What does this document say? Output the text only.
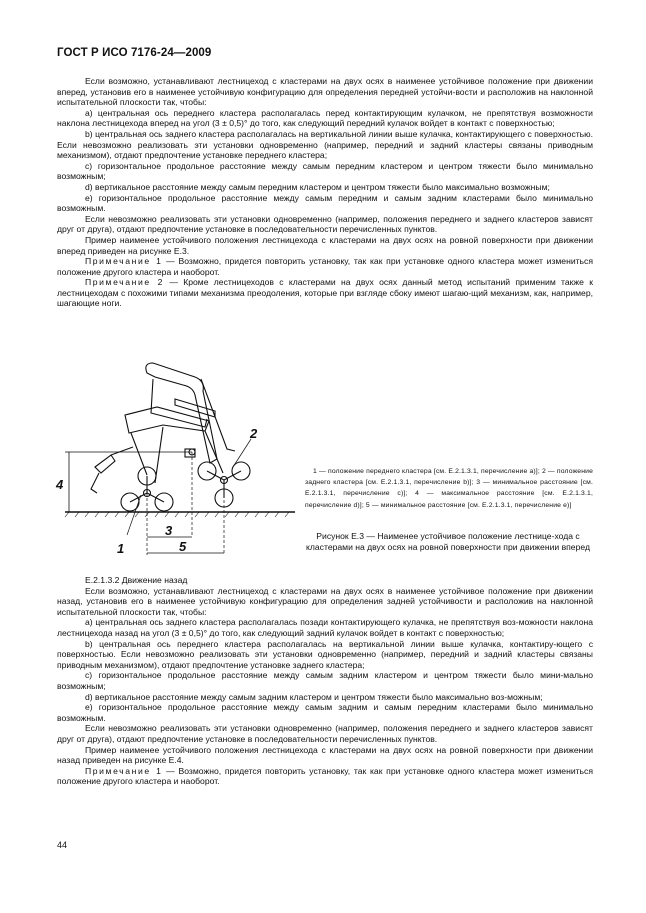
ГОСТ Р ИСО 7176-24—2009

Если возможно, устанавливают лестницеход с кластерами на двух осях в наименее устойчивое положение при движении вперед, установив его в наименее устойчивую конфигурацию для определения передней устойчи-вости и расположив на наклонной испытательной плоскости так, чтобы:

а) центральная ось переднего кластера располагалась перед контактирующим кулачком, не препятствуя возможности наклона лестницехода вперед на угол (3 ± 0,5)° до того, как следующий передний кулачок войдет в контакт с поверхностью;

b) центральная ось заднего кластера располагалась на вертикальной линии выше кулачка, контактирующего с поверхностью. Если невозможно реализовать эти установки одновременно (например, передний и задний кластеры связаны приводным механизмом), отдают предпочтение установке переднего кластера;

c) горизонтальное продольное расстояние между самым передним кластером и центром тяжести было минимально возможным;

d) вертикальное расстояние между самым передним кластером и центром тяжести было максимально возможным;

e) горизонтальное продольное расстояние между самым передним и самым задним кластерами было минимально возможным.

Если невозможно реализовать эти установки одновременно (например, положения переднего и заднего кластеров зависят друг от друга), отдают предпочтение установке в последовательности перечисленных пунктов.

Пример наименее устойчивого положения лестницехода с кластерами на двух осях на ровной поверхности при движении вперед приведен на рисунке Е.3.

Примечание 1 — Возможно, придется повторить установку, так как при установке одного кластера может измениться положение другого кластера и наоборот.

Примечание 2 — Кроме лестницеходов с кластерами на двух осях данный метод испытаний применим также к лестницеходам с похожими типами механизма преодоления, которые при взгляде сбоку имеют шагаю-щий механизм, как, например, шагающие ноги.

1
2
3
4
5

1 — положение переднего кластера [см. Е.2.1.3.1, перечисление а)]; 2 — положение заднего кластера [см. Е.2.1.3.1, перечисление b)]; 3 — минимальное расстояние [см. Е.2.1.3.1, перечисление c)]; 4 — максимальное расстояние [см. Е.2.1.3.1, перечисление d)]; 5 — минимальное расстояние [см. Е.2.1.3.1, перечисление e)]

Рисунок Е.3 — Наименее устойчивое положение лестнице-хода с кластерами на двух осях на ровной поверхности при движении вперед

Е.2.1.3.2 Движение назад

Если возможно, устанавливают лестницеход с кластерами на двух осях в наименее устойчивое положение при движении назад, установив его в наименее устойчивую конфигурацию для определения задней устойчивости и расположив на наклонной испытательной плоскости так, чтобы:

а) центральная ось заднего кластера располагалась позади контактирующего кулачка, не препятствуя воз-можности наклона лестницехода назад на угол (3 ± 0,5)° до того, как следующий задний кулачок войдет в контакт с поверхностью;

b) центральная ось переднего кластера располагалась на вертикальной линии выше кулачка, контактиру-ющего с поверхностью. Если невозможно реализовать эти установки одновременно (например, передний и задний кластеры связаны приводным механизмом), отдают предпочтение установке заднего кластера;

c) горизонтальное продольное расстояние между самым задним кластером и центром тяжести было мини-мально возможным;

d) вертикальное расстояние между самым задним кластером и центром тяжести было максимально воз-можным;

e) горизонтальное продольное расстояние между самым задним и самым передним кластерами было минимально возможным.

Если невозможно реализовать эти установки одновременно (например, положения переднего и заднего кластеров зависят друг от друга), отдают предпочтение установке в последовательности перечисленных пунктов.

Пример наименее устойчивого положения лестницехода с кластерами на двух осях на ровной поверхности при движении назад приведен на рисунке Е.4.

Примечание 1 — Возможно, придется повторить установку, так как при установке одного кластера может измениться положение другого кластера и наоборот.

44
